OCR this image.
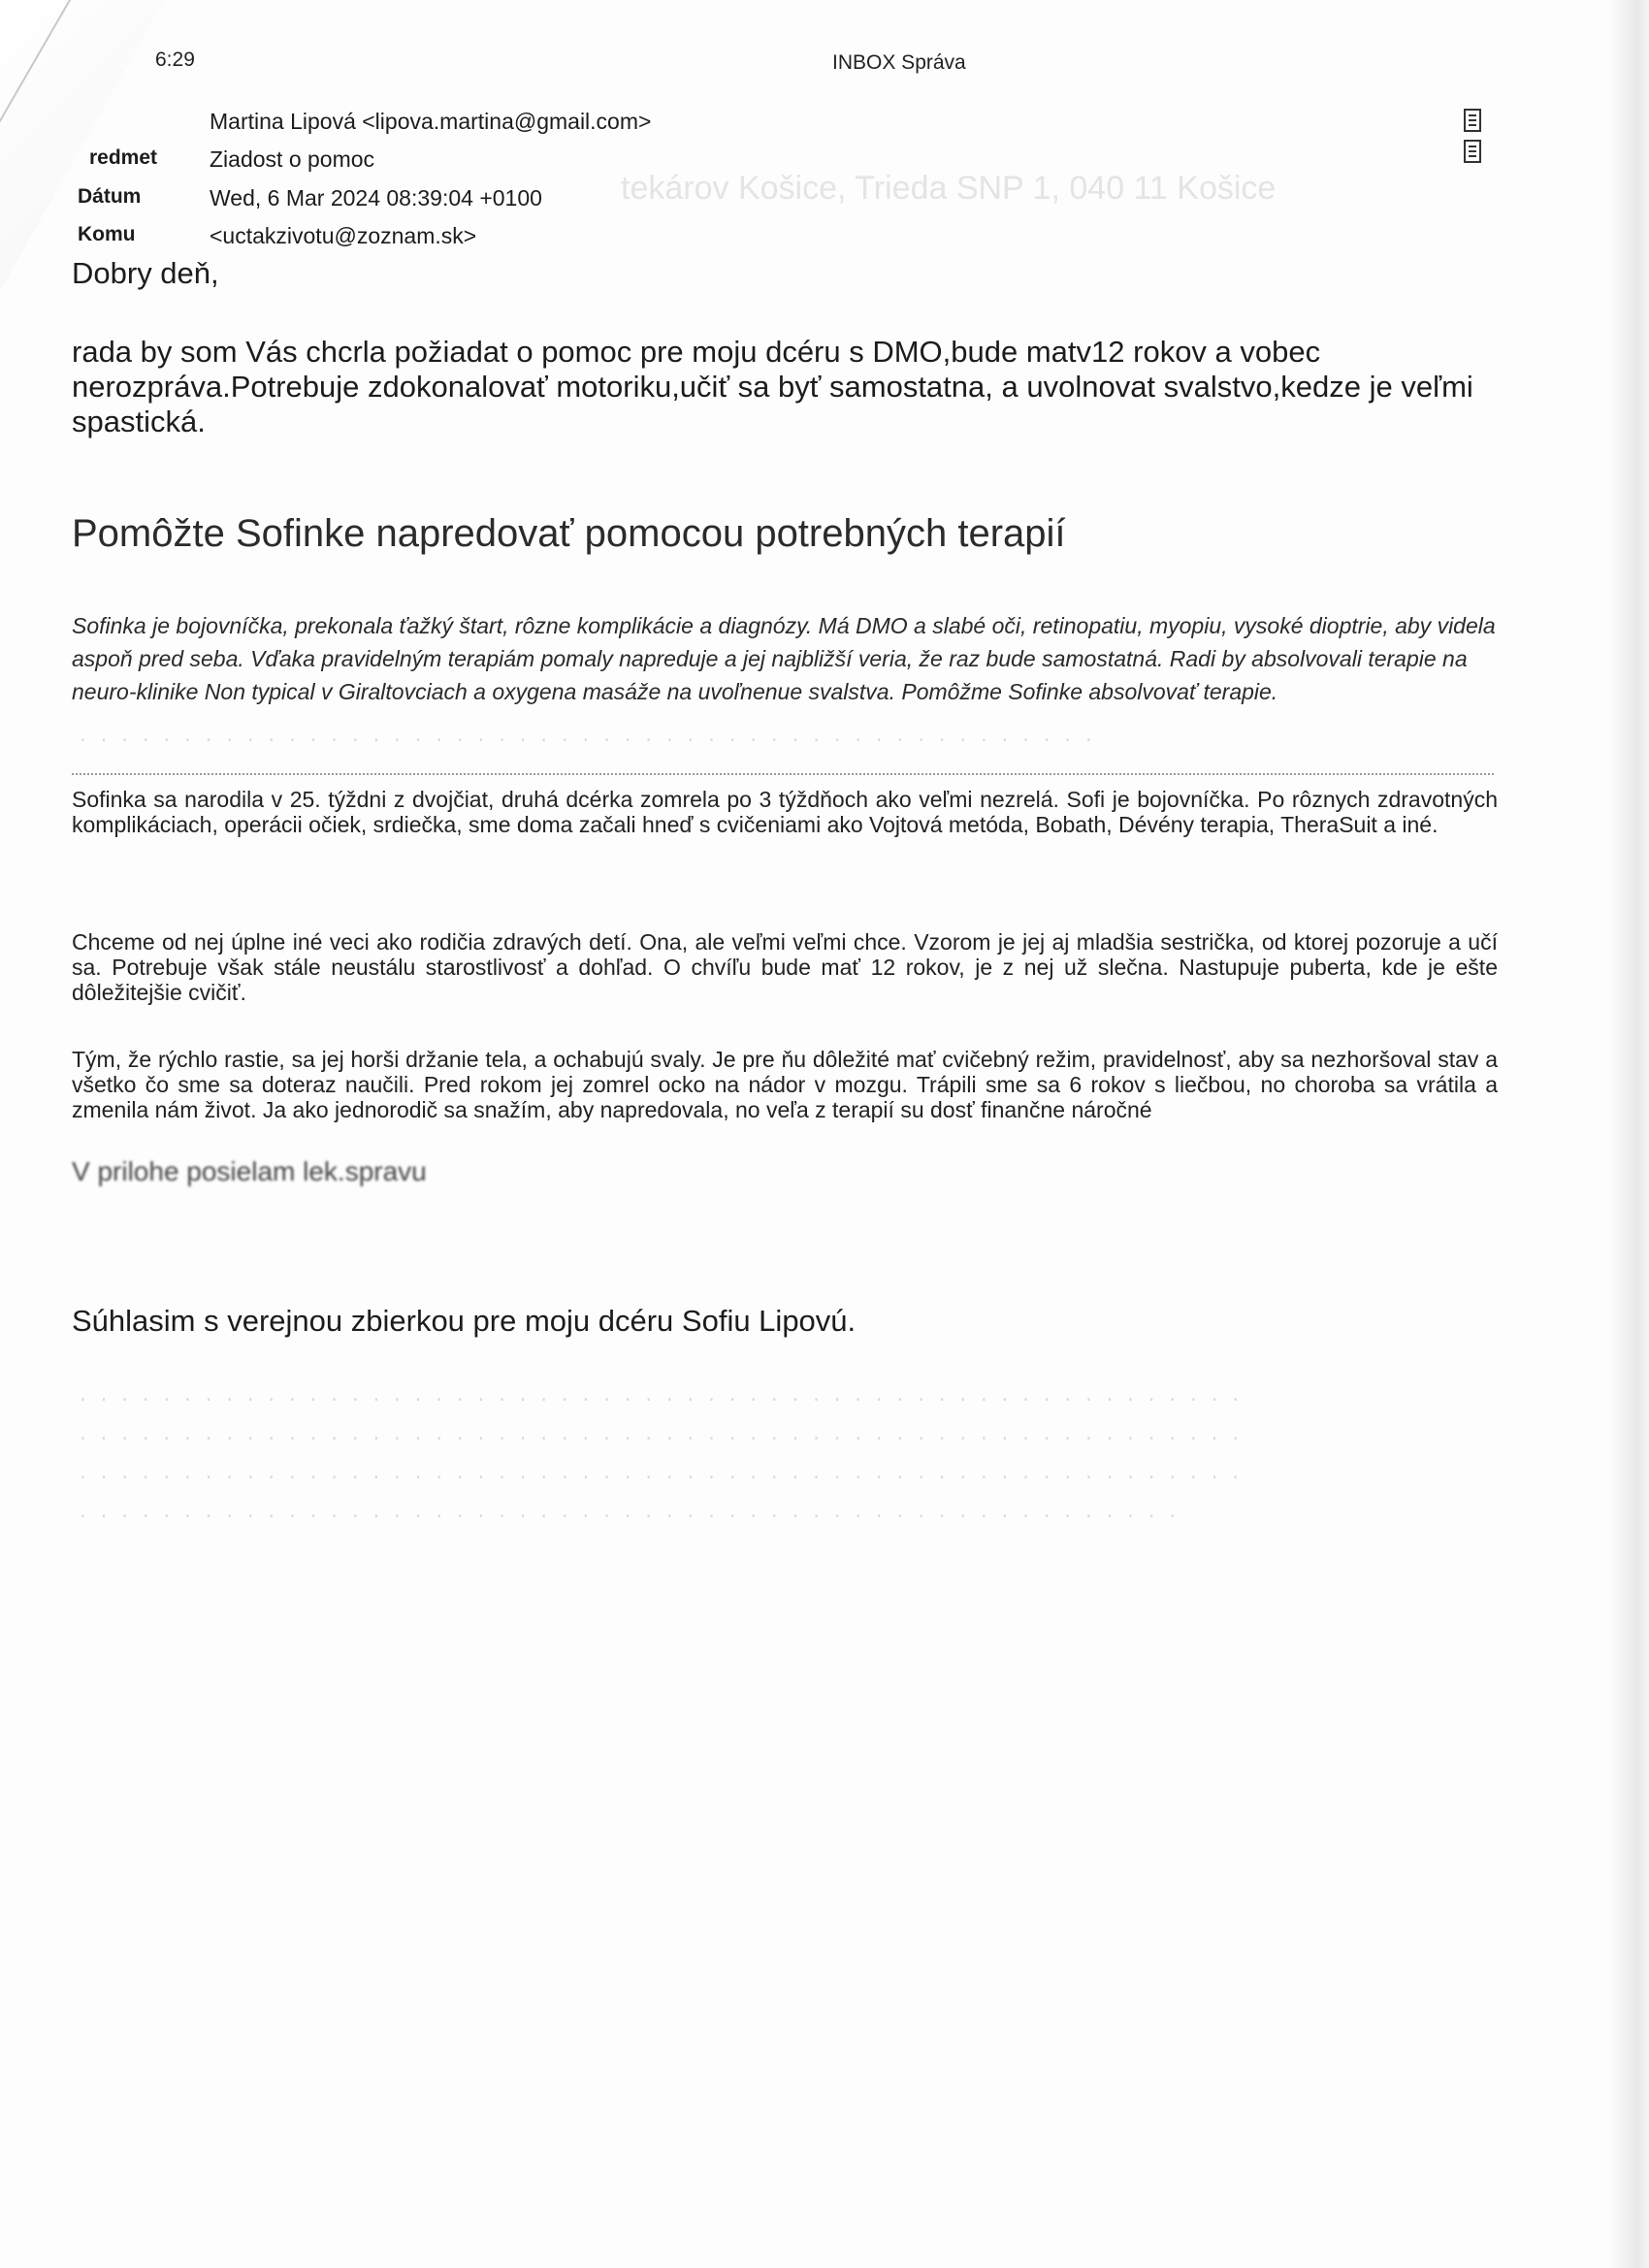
tekárov Košice, Trieda SNP 1, 040 11 Košice
. . . . . . . . . . . . . . . . . . . . . . . . . . . . . . . . . . . . . . . . . . . . . . . . .
. . . . . . . . . . . . . . . . . . . . . . . . . . . . . . . . . . . . . . . . . . . . . . . . . . . . . . . .
. . . . . . . . . . . . . . . . . . . . . . . . . . . . . . . . . . . . . . . . . . . . . . . . . . . . . . . .
. . . . . . . . . . . . . . . . . . . . . . . . . . . . . . . . . . . . . . . . . . . . . . . . . . . . . . . .
. . . . . . . . . . . . . . . . . . . . . . . . . . . . . . . . . . . . . . . . . . . . . . . . . . . . .
6:29	INBOX Správa
Martina Lipová <lipova.martina@gmail.com>
redmet Ziadost o pomoc
Dátum	Wed, 6 Mar 2024 08:39:04 +0100
Komu	<uctakzivotu@zoznam.sk>
Dobry deň,
rada by som Vás chcrla požiadat o pomoc pre moju dcéru s DMO,bude matv12 rokov a vobec nerozpráva.Potrebuje zdokonalovať motoriku,učiť sa byť samostatna, a uvolnovat svalstvo,kedze je veľmi spastická.
Pomôžte Sofinke napredovať pomocou potrebných terapií
Sofinka je bojovníčka, prekonala ťažký štart, rôzne komplikácie a diagnózy. Má DMO a slabé oči, retinopatiu, myopiu, vysoké dioptrie, aby videla aspoň pred seba. Vďaka pravidelným terapiám pomaly napreduje a jej najbližší veria, že raz bude samostatná. Radi by absolvovali terapie na neuro-klinike Non typical v Giraltovciach a oxygena masáže na uvoľnenue svalstva. Pomôžme Sofinke absolvovať terapie.
Sofinka sa narodila v 25. týždni z dvojčiat, druhá dcérka zomrela po 3 týždňoch ako veľmi nezrelá. Sofi je bojovníčka. Po rôznych zdravotných komplikáciach, operácii očiek, srdiečka, sme doma začali hneď s cvičeniami ako Vojtová metóda, Bobath, Dévény terapia, TheraSuit a iné.
Chceme od nej úplne iné veci ako rodičia zdravých detí. Ona, ale veľmi veľmi chce. Vzorom je jej aj mladšia sestrička, od ktorej pozoruje a učí sa. Potrebuje však stále neustálu starostlivosť a dohľad. O chvíľu bude mať 12 rokov, je z nej už slečna. Nastupuje puberta, kde je ešte dôležitejšie cvičiť.
Tým, že rýchlo rastie, sa jej horši držanie tela, a ochabujú svaly. Je pre ňu dôležité mať cvičebný režim, pravidelnosť, aby sa nezhoršoval stav a všetko čo sme sa doteraz naučili. Pred rokom jej zomrel ocko na nádor v mozgu. Trápili sme sa 6 rokov s liečbou, no choroba sa vrátila a zmenila nám život. Ja ako jednorodič sa snažím, aby napredovala, no veľa z terapií su dosť finančne náročné
V prilohe posielam lek.spravu
Súhlasim s verejnou zbierkou pre moju dcéru Sofiu Lipovú.
